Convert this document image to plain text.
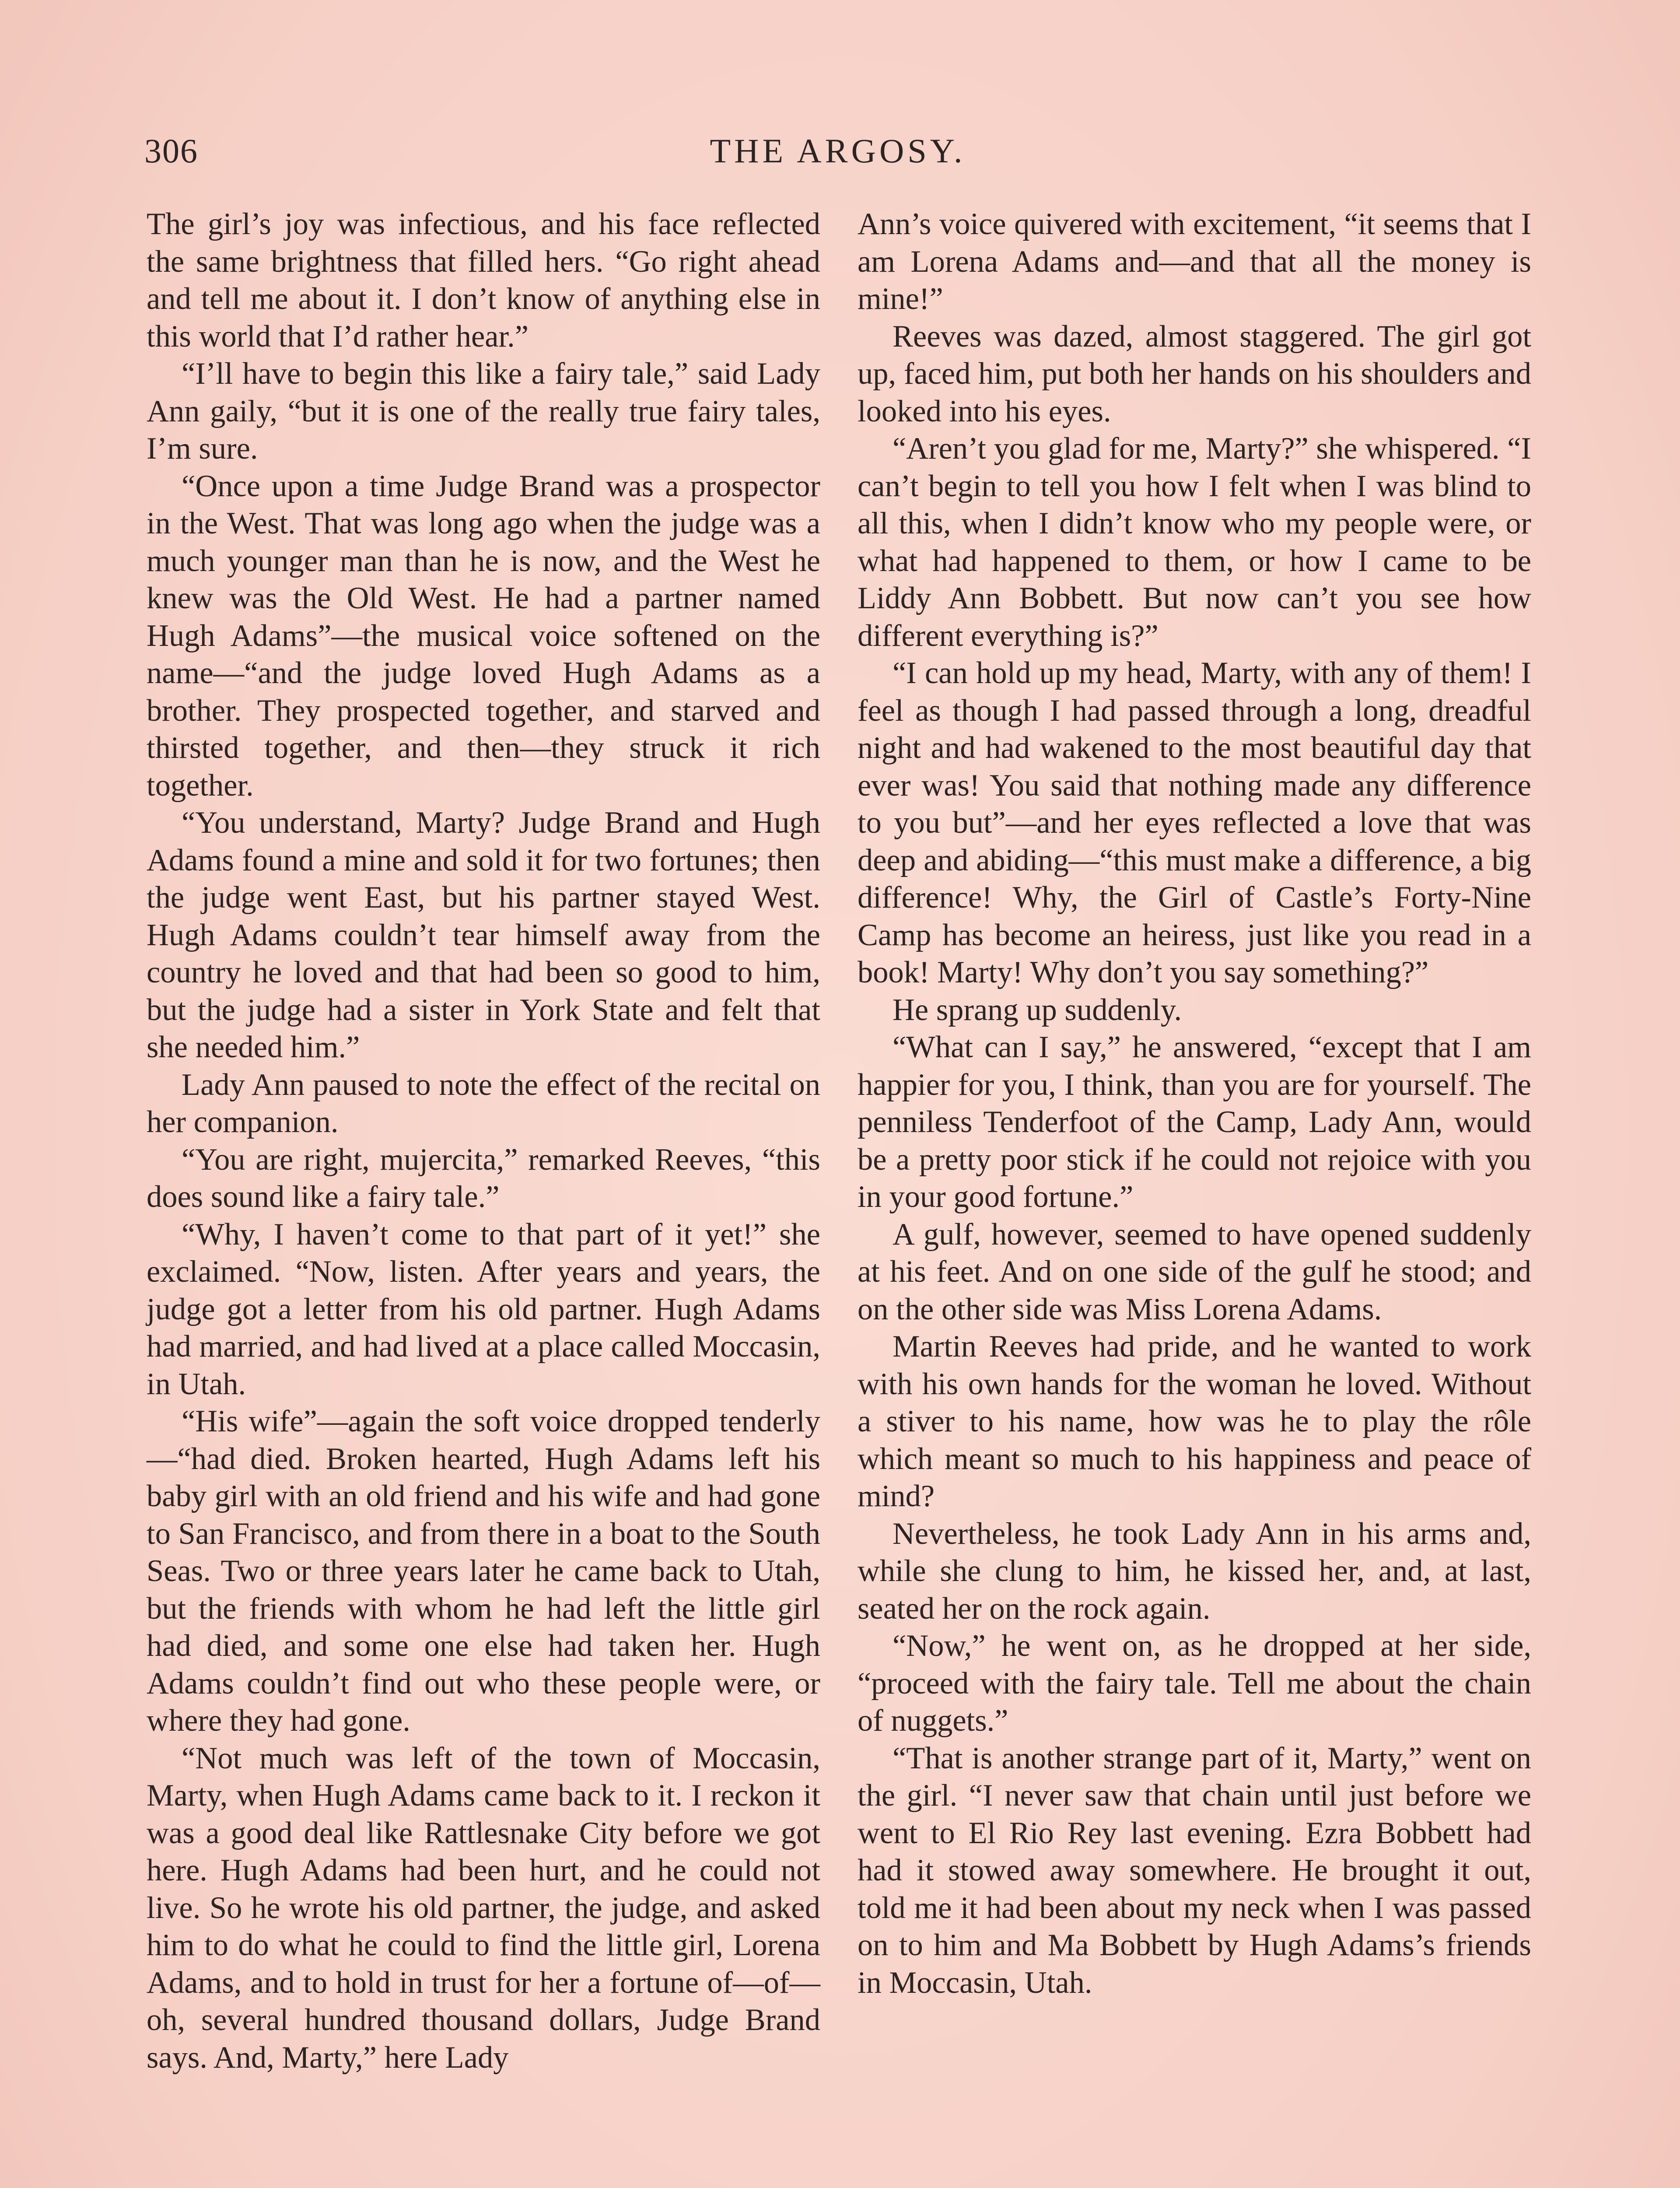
306	THE ARGOSY.

The girl’s joy was infectious, and his face reflected the same brightness that filled hers. “Go right ahead and tell me about it. I don’t know of anything else in this world that I’d rather hear.”

“I’ll have to begin this like a fairy tale,” said Lady Ann gaily, “but it is one of the really true fairy tales, I’m sure.

“Once upon a time Judge Brand was a prospector in the West. That was long ago when the judge was a much younger man than he is now, and the West he knew was the Old West. He had a partner named Hugh Adams”—the musical voice softened on the name—“and the judge loved Hugh Adams as a brother. They prospected together, and starved and thirsted together, and then—they struck it rich together.

“You understand, Marty? Judge Brand and Hugh Adams found a mine and sold it for two fortunes; then the judge went East, but his partner stayed West. Hugh Adams couldn’t tear himself away from the country he loved and that had been so good to him, but the judge had a sister in York State and felt that she needed him.”

Lady Ann paused to note the effect of the recital on her companion.

“You are right, mujercita,” remarked Reeves, “this does sound like a fairy tale.”

“Why, I haven’t come to that part of it yet!” she exclaimed. “Now, listen. After years and years, the judge got a letter from his old partner. Hugh Adams had married, and had lived at a place called Moccasin, in Utah.

“His wife”—again the soft voice dropped tenderly—“had died. Broken hearted, Hugh Adams left his baby girl with an old friend and his wife and had gone to San Francisco, and from there in a boat to the South Seas. Two or three years later he came back to Utah, but the friends with whom he had left the little girl had died, and some one else had taken her. Hugh Adams couldn’t find out who these people were, or where they had gone.

“Not much was left of the town of Moccasin, Marty, when Hugh Adams came back to it. I reckon it was a good deal like Rattlesnake City before we got here. Hugh Adams had been hurt, and he could not live. So he wrote his old partner, the judge, and asked him to do what he could to find the little girl, Lorena Adams, and to hold in trust for her a fortune of—of—oh, several hundred thousand dollars, Judge Brand says. And, Marty,” here Lady

Ann’s voice quivered with excitement, “it seems that I am Lorena Adams and—and that all the money is mine!”

Reeves was dazed, almost staggered. The girl got up, faced him, put both her hands on his shoulders and looked into his eyes.

“Aren’t you glad for me, Marty?” she whispered. “I can’t begin to tell you how I felt when I was blind to all this, when I didn’t know who my people were, or what had happened to them, or how I came to be Liddy Ann Bobbett. But now can’t you see how different everything is?”

“I can hold up my head, Marty, with any of them! I feel as though I had passed through a long, dreadful night and had wakened to the most beautiful day that ever was! You said that nothing made any difference to you but”—and her eyes reflected a love that was deep and abiding—“this must make a difference, a big difference! Why, the Girl of Castle’s Forty-Nine Camp has become an heiress, just like you read in a book! Marty! Why don’t you say something?”

He sprang up suddenly.

“What can I say,” he answered, “except that I am happier for you, I think, than you are for yourself. The penniless Tenderfoot of the Camp, Lady Ann, would be a pretty poor stick if he could not rejoice with you in your good fortune.”

A gulf, however, seemed to have opened suddenly at his feet. And on one side of the gulf he stood; and on the other side was Miss Lorena Adams.

Martin Reeves had pride, and he wanted to work with his own hands for the woman he loved. Without a stiver to his name, how was he to play the rôle which meant so much to his happiness and peace of mind?

Nevertheless, he took Lady Ann in his arms and, while she clung to him, he kissed her, and, at last, seated her on the rock again.

“Now,” he went on, as he dropped at her side, “proceed with the fairy tale. Tell me about the chain of nuggets.”

“That is another strange part of it, Marty,” went on the girl. “I never saw that chain until just before we went to El Rio Rey last evening. Ezra Bobbett had had it stowed away somewhere. He brought it out, told me it had been about my neck when I was passed on to him and Ma Bobbett by Hugh Adams’s friends in Moccasin, Utah.
